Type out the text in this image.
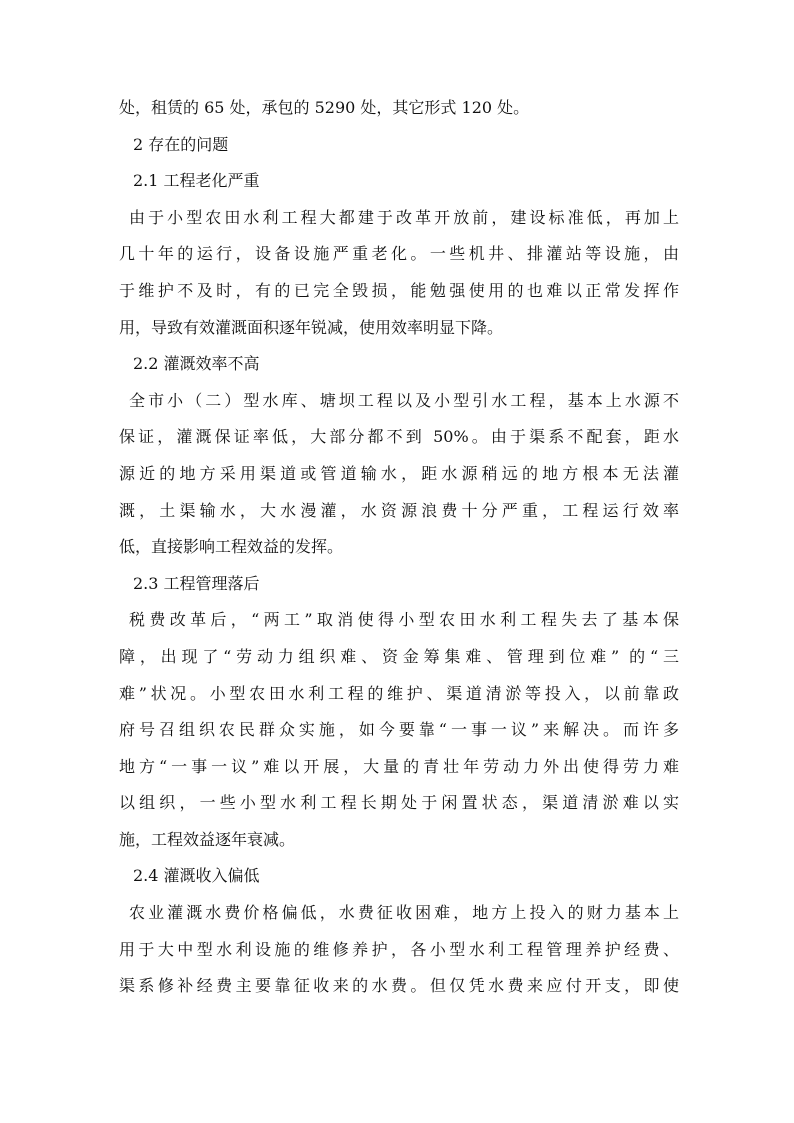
处，租赁的 65 处，承包的 5290 处，其它形式 120 处。
2 存在的问题
2.1 工程老化严重
由于小型农田水利工程大都建于改革开放前，建设标准低，再加上
几十年的运行，设备设施严重老化。一些机井、排灌站等设施，由
于维护不及时，有的已完全毁损，能勉强使用的也难以正常发挥作
用，导致有效灌溉面积逐年锐减，使用效率明显下降。
2.2 灌溉效率不高
全市小（二）型水库、塘坝工程以及小型引水工程，基本上水源不
保证，灌溉保证率低，大部分都不到 50%。由于渠系不配套，距水
源近的地方采用渠道或管道输水，距水源稍远的地方根本无法灌
溉，土渠输水，大水漫灌，水资源浪费十分严重，工程运行效率
低，直接影响工程效益的发挥。
2.3 工程管理落后
税费改革后，“两工”取消使得小型农田水利工程失去了基本保
障，出现了“劳动力组织难、资金筹集难、管理到位难” 的“三
难”状况。小型农田水利工程的维护、渠道清淤等投入，以前靠政
府号召组织农民群众实施，如今要靠“一事一议”来解决。而许多
地方“一事一议”难以开展，大量的青壮年劳动力外出使得劳力难
以组织，一些小型水利工程长期处于闲置状态，渠道清淤难以实
施，工程效益逐年衰减。
2.4 灌溉收入偏低
农业灌溉水费价格偏低，水费征收困难，地方上投入的财力基本上
用于大中型水利设施的维修养护，各小型水利工程管理养护经费、
渠系修补经费主要靠征收来的水费。但仅凭水费来应付开支，即使
